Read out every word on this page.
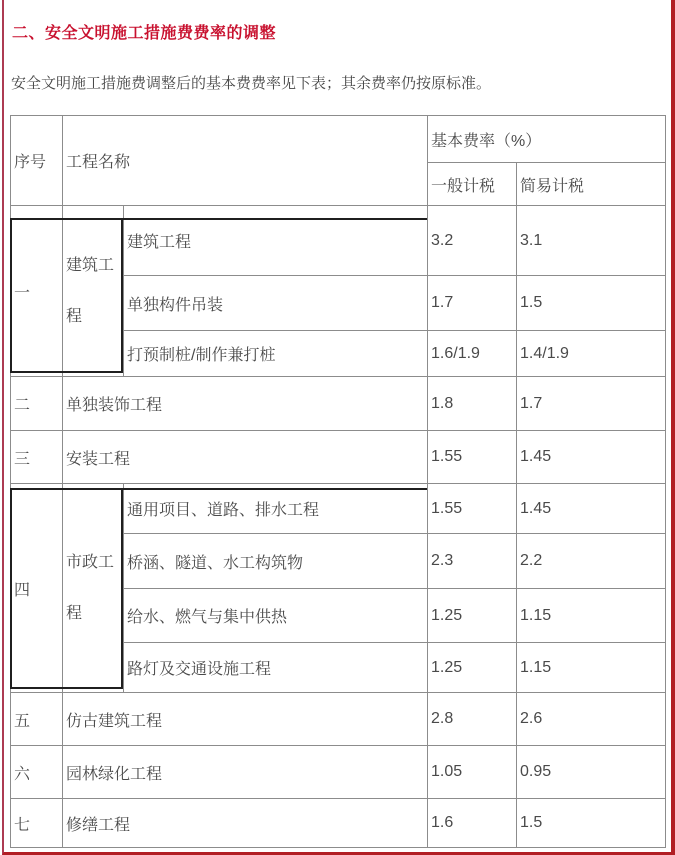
二、安全文明施工措施费费率的调整
安全文明施工措施费调整后的基本费费率见下表；其余费率仍按原标准。
序号	工程名称		基本费率（%）	
			一般计税	简易计税
一	建筑工程	建筑工程	3.2	3.1
		单独构件吊装	1.7	1.5
		打预制桩/制作兼打桩	1.6/1.9	1.4/1.9
二	单独装饰工程		1.8	1.7
三	安装工程		1.55	1.45
四	市政工程	通用项目、道路、排水工程	1.55	1.45
		桥涵、隧道、水工构筑物	2.3	2.2
		给水、燃气与集中供热	1.25	1.15
		路灯及交通设施工程	1.25	1.15
五	仿古建筑工程		2.8	2.6
六	园林绿化工程		1.05	0.95
七	修缮工程		1.6	1.5
